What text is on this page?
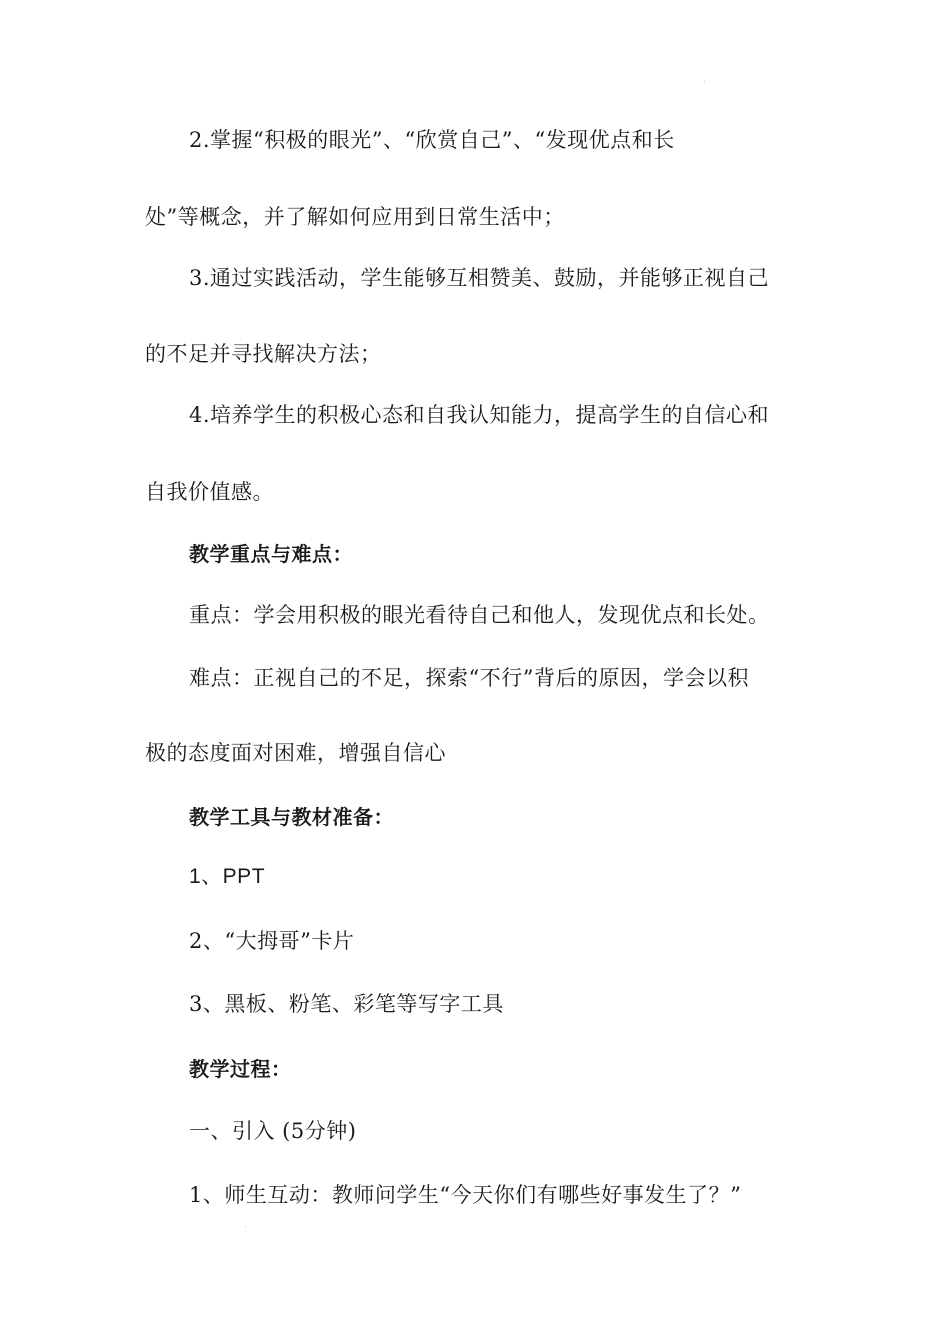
2.掌握“积极的眼光”、“欣赏自己”、“发现优点和长
处”等概念，并了解如何应用到日常生活中；
3.通过实践活动，学生能够互相赞美、鼓励，并能够正视自己
的不足并寻找解决方法；
4.培养学生的积极心态和自我认知能力，提高学生的自信心和
自我价值感。
教学重点与难点：
重点：学会用积极的眼光看待自己和他人，发现优点和长处。
难点：正视自己的不足，探索“不行”背后的原因，学会以积
极的态度面对困难，增强自信心
教学工具与教材准备：
1、PPT
2、“大拇哥”卡片
3、黑板、粉笔、彩笔等写字工具
教学过程：
一、引入 (5分钟)
1、师生互动：教师问学生“今天你们有哪些好事发生了？”
